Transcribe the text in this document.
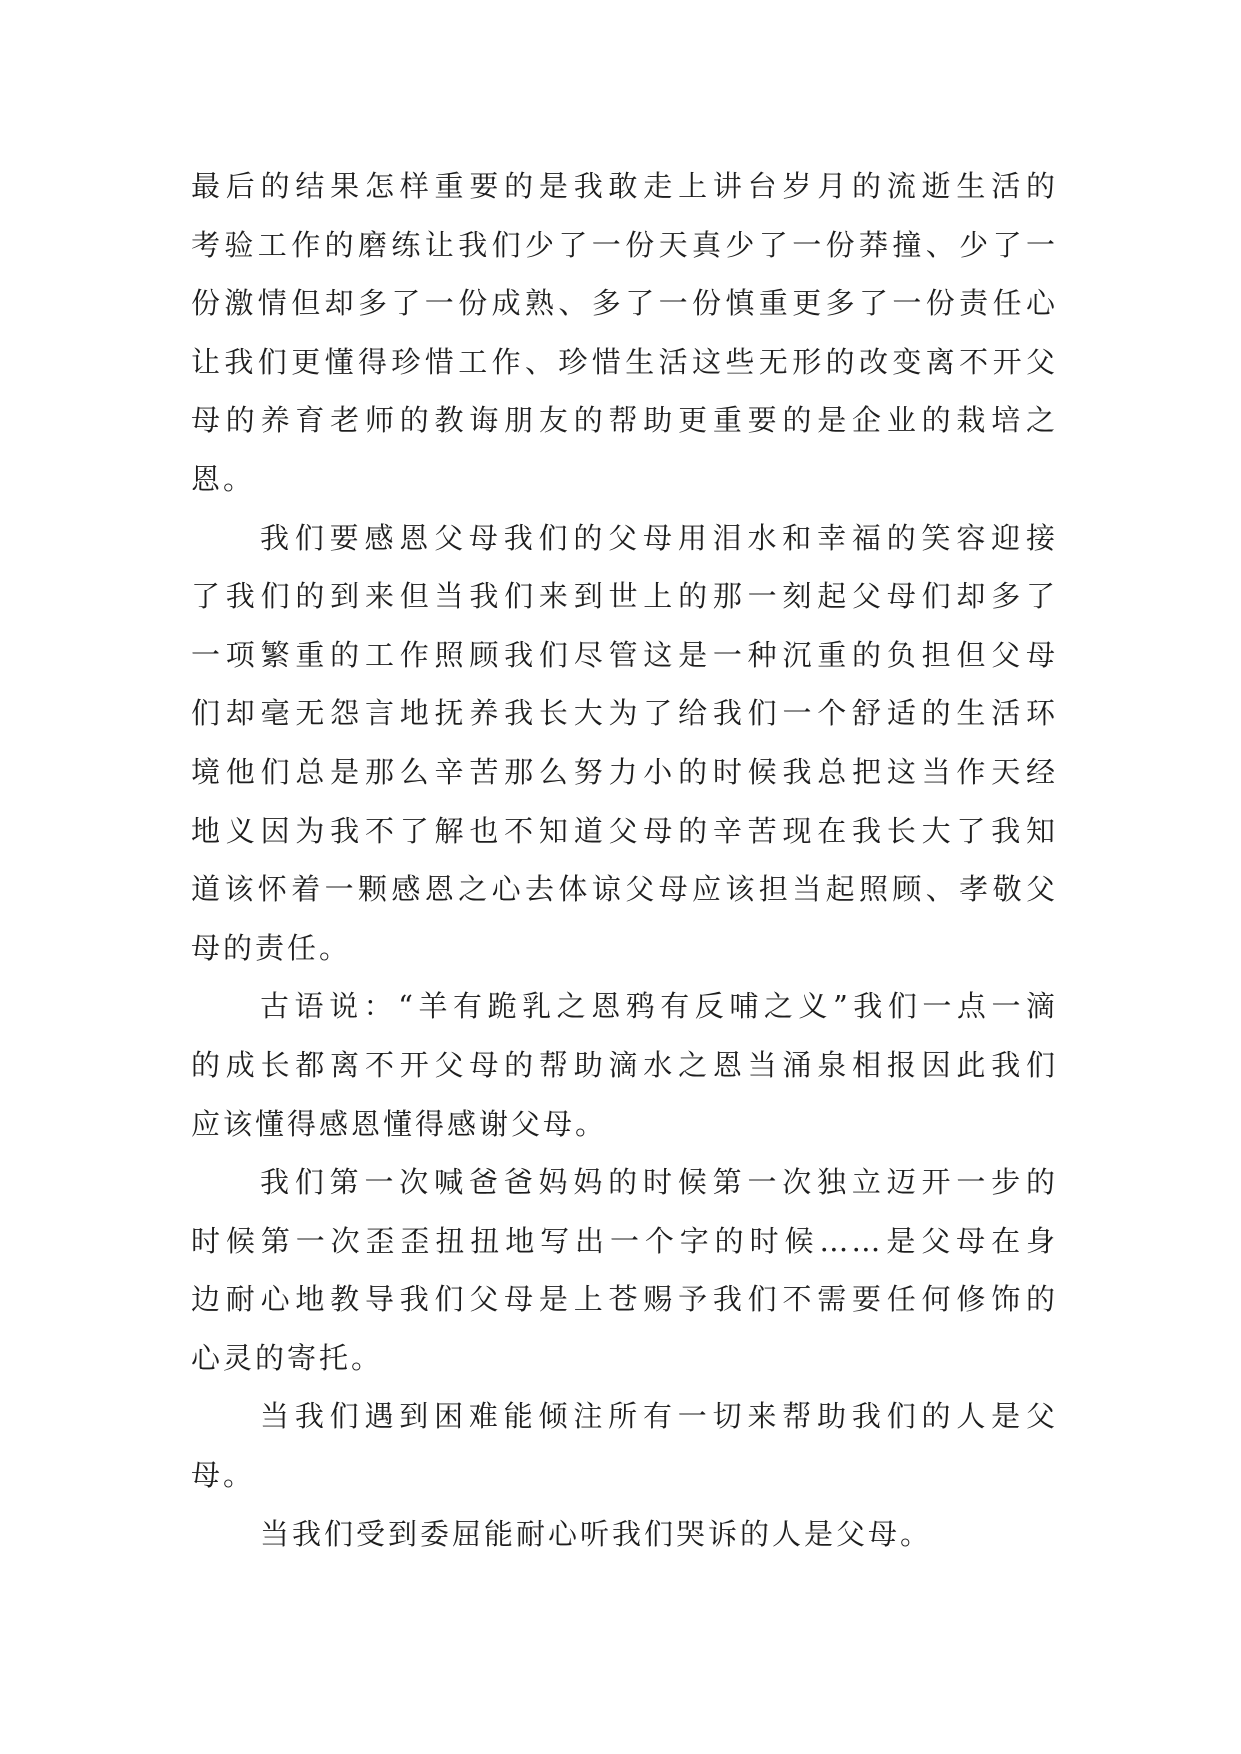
最后的结果怎样重要的是我敢走上讲台岁月的流逝生活的
考验工作的磨练让我们少了一份天真少了一份莽撞、少了一
份激情但却多了一份成熟、多了一份慎重更多了一份责任心
让我们更懂得珍惜工作、珍惜生活这些无形的改变离不开父
母的养育老师的教诲朋友的帮助更重要的是企业的栽培之
恩。
我们要感恩父母我们的父母用泪水和幸福的笑容迎接
了我们的到来但当我们来到世上的那一刻起父母们却多了
一项繁重的工作照顾我们尽管这是一种沉重的负担但父母
们却毫无怨言地抚养我长大为了给我们一个舒适的生活环
境他们总是那么辛苦那么努力小的时候我总把这当作天经
地义因为我不了解也不知道父母的辛苦现在我长大了我知
道该怀着一颗感恩之心去体谅父母应该担当起照顾、孝敬父
母的责任。
古语说：“羊有跪乳之恩鸦有反哺之义”我们一点一滴
的成长都离不开父母的帮助滴水之恩当涌泉相报因此我们
应该懂得感恩懂得感谢父母。
我们第一次喊爸爸妈妈的时候第一次独立迈开一步的
时候第一次歪歪扭扭地写出一个字的时候……是父母在身
边耐心地教导我们父母是上苍赐予我们不需要任何修饰的
心灵的寄托。
当我们遇到困难能倾注所有一切来帮助我们的人是父
母。
当我们受到委屈能耐心听我们哭诉的人是父母。
